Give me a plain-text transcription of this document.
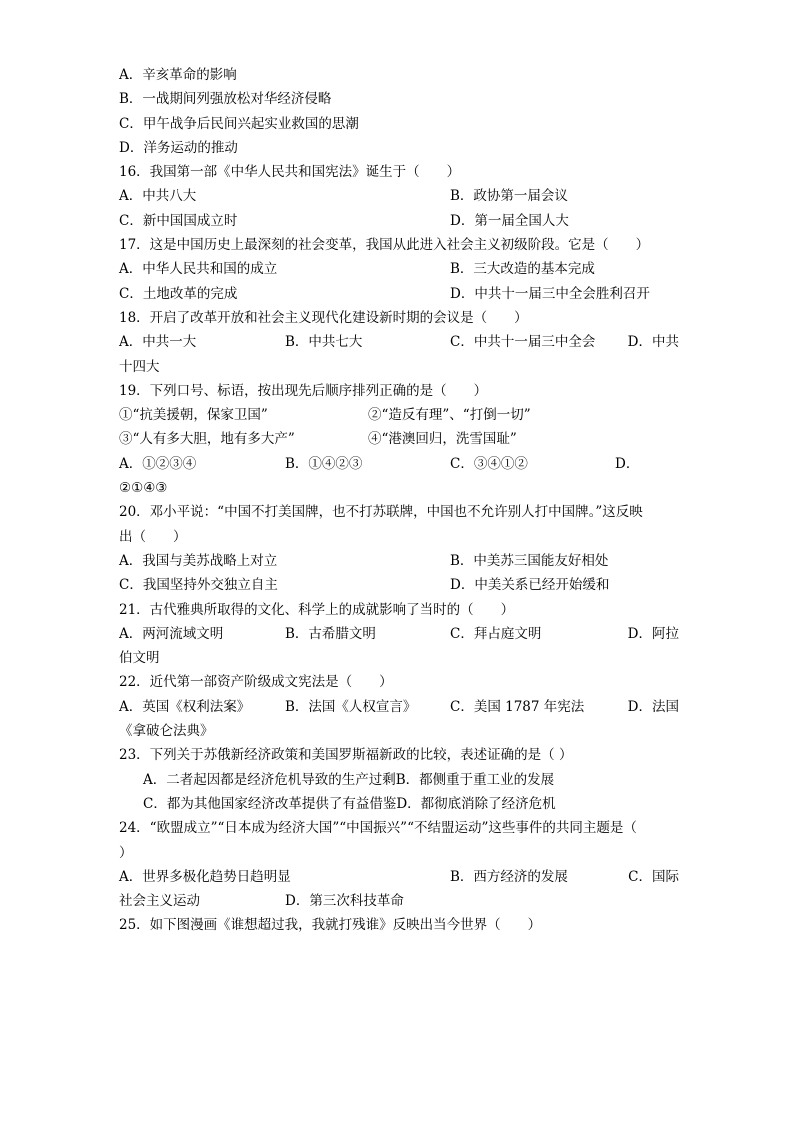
A．辛亥革命的影响
B．一战期间列强放松对华经济侵略
C．甲午战争后民间兴起实业救国的思潮
D．洋务运动的推动
16．我国第一部《中华人民共和国宪法》诞生于（　　）
A．中共八大	B．政协第一届会议
C．新中国国成立时	D．第一届全国人大
17．这是中国历史上最深刻的社会变革，我国从此进入社会主义初级阶段。它是（　　）
A．中华人民共和国的成立	B．三大改造的基本完成
C．土地改革的完成	D．中共十一届三中全会胜利召开
18．开启了改革开放和社会主义现代化建设新时期的会议是（　　）
A．中共一大	B．中共七大	C．中共十一届三中全会 D．中共
十四大
19．下列口号、标语，按出现先后顺序排列正确的是（　　）
①“抗美援朝，保家卫国”	②“造反有理”、“打倒一切”
③“人有多大胆，地有多大产”	④“港澳回归，洗雪国耻”
A．①②③④	B．①④②③	C．③④①②	D．
②①④③
20．邓小平说：“中国不打美国牌，也不打苏联牌，中国也不允许别人打中国牌。”这反映
出（　　）
A．我国与美苏战略上对立	B．中美苏三国能友好相处
C．我国坚持外交独立自主	D．中美关系已经开始缓和
21．古代雅典所取得的文化、科学上的成就影响了当时的（　　）
A．两河流域文明	B．古希腊文明	C．拜占庭文明	D．阿拉
伯文明
22．近代第一部资产阶级成文宪法是（　　）
A．英国《权利法案》	B．法国《人权宣言》 C．美国 1787 年宪法	D．法国
《拿破仑法典》
23．下列关于苏俄新经济政策和美国罗斯福新政的比较，表述证确的是（ ）
A．二者起因都是经济危机导致的生产过剩B．都侧重于重工业的发展
C．都为其他国家经济改革提供了有益借鉴D．都彻底消除了经济危机
24．“欧盟成立”“日本成为经济大国”“中国振兴”“不结盟运动”这些事件的共同主题是（
）
A．世界多极化趋势日趋明显	B．西方经济的发展	C．国际
社会主义运动	D．第三次科技革命
25．如下图漫画《谁想超过我，我就打残谁》反映出当今世界（　　）
